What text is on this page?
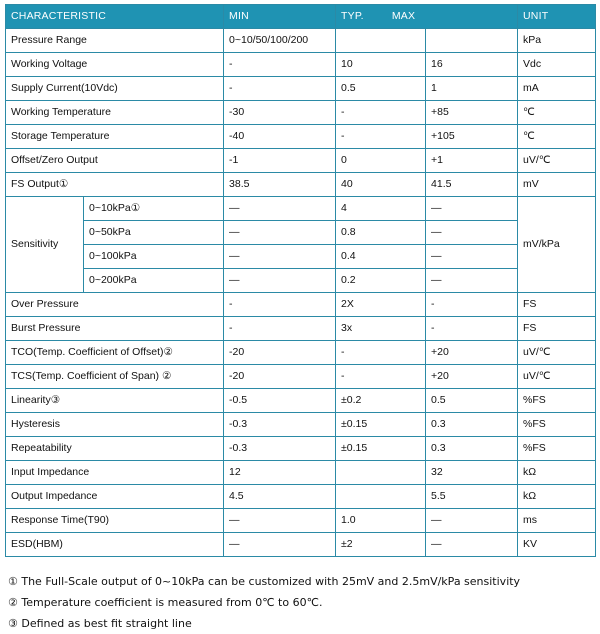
CHARACTERISTIC		MIN	TYP. MAX		UNIT
Pressure Range		0~10/50/100/200			kPa
Working Voltage		-	10	16	Vdc
Supply Current(10Vdc)		-	0.5	1	mA
Working Temperature		-30	-	+85	℃
Storage Temperature		-40	-	+105	℃
Offset/Zero Output		-1	0	+1	uV/℃
FS Output①		38.5	40	41.5	mV
Sensitivity	0~10kPa①	—	4	—	mV/kPa
	0~50kPa	—	0.8	—	
	0~100kPa	—	0.4	—	
	0~200kPa	—	0.2	—	
Over Pressure		-	2X	-	FS
Burst Pressure		-	3x	-	FS
TCO(Temp. Coefficient of Offset)②		-20	-	+20	uV/℃
TCS(Temp. Coefficient of Span) ②		-20	-	+20	uV/℃
Linearity③		-0.5	±0.2	0.5	%FS
Hysteresis		-0.3	±0.15	0.3	%FS
Repeatability		-0.3	±0.15	0.3	%FS
Input Impedance		12		32	kΩ
Output Impedance		4.5		5.5	kΩ
Response Time(T90)		—	1.0	—	ms
ESD(HBM)		—	±2	—	KV
① The Full-Scale output of 0~10kPa can be customized with 25mV and 2.5mV/kPa sensitivity
② Temperature coefficient is measured from 0℃ to 60℃.
③ Defined as best fit straight line
